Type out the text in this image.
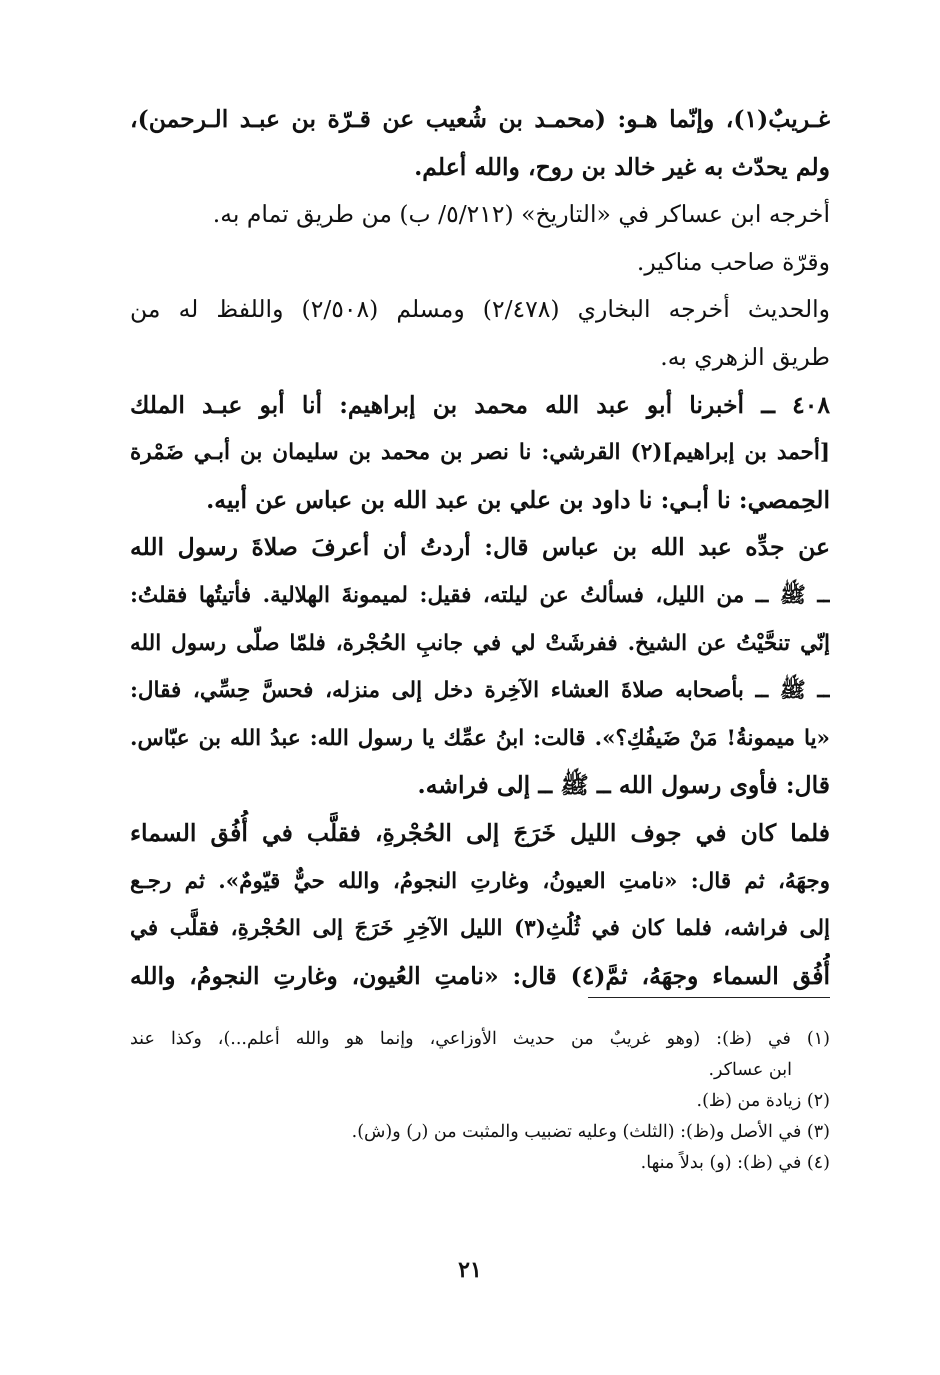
غـريبٌ(١)، وإنّما هـو: (محمـد بن شُعيب عن قـرّة بن عبـد الـرحمن)،
ولم يحدّث به غير خالد بن روح، والله أعلم.
أخرجه ابن عساكر في «التاريخ» (٥/٢١٢/ ب) من طريق تمام به.
وقرّة صاحب مناكير.
والحديث أخرجه البخاري (٢/٤٧٨) ومسلم (٢/٥٠٨) واللفظ له من
طريق الزهري به.
٤٠٨ ــ أخبرنا أبو عبد الله محمد بن إبراهيم: أنا أبو عبـد الملك
[أحمد بن إبراهيم](٢) القرشي: نا نصر بن محمد بن سليمان بن أبـي ضَمْرة
الحِمصي: نا أبـي: نا داود بن علي بن عبد الله بن عباس عن أبيه.
عن جدِّه عبد الله بن عباس قال: أردتُ أن أعرفَ صلاةَ رسول الله
ــ ﷺ ــ من الليل، فسألتُ عن ليلته، فقيل: لميمونةَ الهلالية. فأتيتُها فقلتُ:
إنّي تنحَّيْتُ عن الشيخ. ففرشَتْ لي في جانبِ الحُجْرة، فلمّا صلّى رسول الله
ــ ﷺ ــ بأصحابه صلاةَ العشاء الآخِرة دخل إلى منزله، فحسَّ حِسِّي، فقال:
«يا ميمونةُ! مَنْ ضَيفُكِ؟». قالت: ابنُ عمِّك يا رسول الله: عبدُ الله بن عبّاس.
قال: فأوى رسول الله ــ ﷺ ــ إلى فراشه.
فلما كان في جوف الليل خَرَجَ إلى الحُجْرةِ، فقلَّب في أُفُق السماء
وجهَهُ، ثم قال: «نامتِ العيونُ، وغارتِ النجومُ، والله حيٌّ قيّومٌ». ثم رجـع
إلى فراشه، فلما كان في ثُلُثِ(٣) الليل الآخِرِ خَرَجَ إلى الحُجْرةِ، فقلَّب في
أُفُق السماء وجهَهُ، ثمَّ(٤) قال: «نامتِ العُيون، وغارتِ النجومُ، والله
(١) في (ظ): (وهو غريبٌ من حديث الأوزاعي، وإنما هو والله أعلم...)، وكذا عند
ابن عساكر.
(٢) زيادة من (ظ).
(٣) في الأصل و(ظ): (الثلث) وعليه تضبيب والمثبت من (ر) و(ش).
(٤) في (ظ): (و) بدلاً منها.
٢١
